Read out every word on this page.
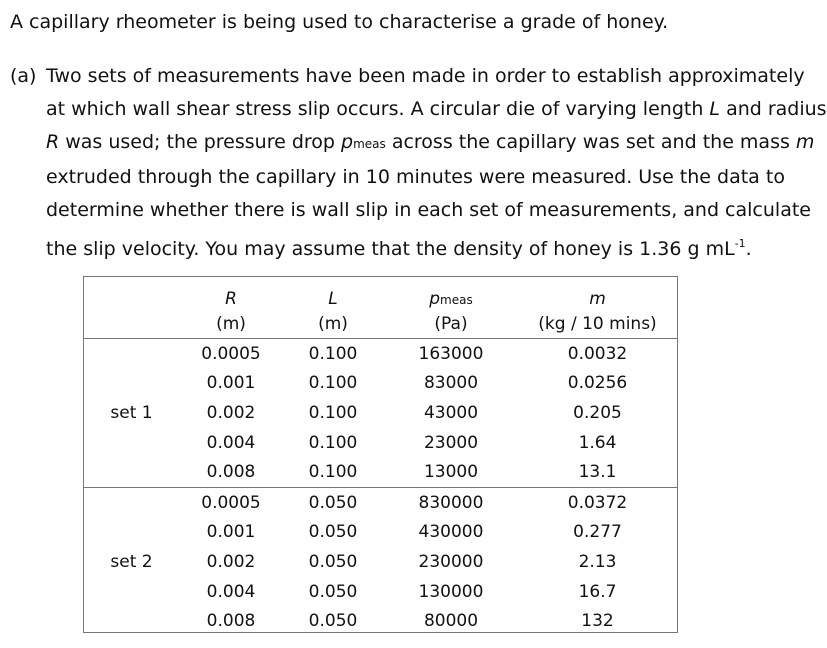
A capillary rheometer is being used to characterise a grade of honey.
(a) Two sets of measurements have been made in order to establish approximately
at which wall shear stress slip occurs. A circular die of varying length L and radius
R was used; the pressure drop pmeas across the capillary was set and the mass m
extruded through the capillary in 10 minutes were measured. Use the data to
determine whether there is wall slip in each set of measurements, and calculate
the slip velocity. You may assume that the density of honey is 1.36 g $mL^{-1}$.
	R	L	pmeas	m
	(m)	(m)	(Pa)	(kg / 10 mins)
	0.0005	0.100	163000	0.0032
	0.001	0.100	83000	0.0256
set 1	0.002	0.100	43000	0.205
	0.004	0.100	23000	1.64
	0.008	0.100	13000	13.1
	0.0005	0.050	830000	0.0372
	0.001	0.050	430000	0.277
set 2	0.002	0.050	230000	2.13
	0.004	0.050	130000	16.7
	0.008	0.050	80000	132
